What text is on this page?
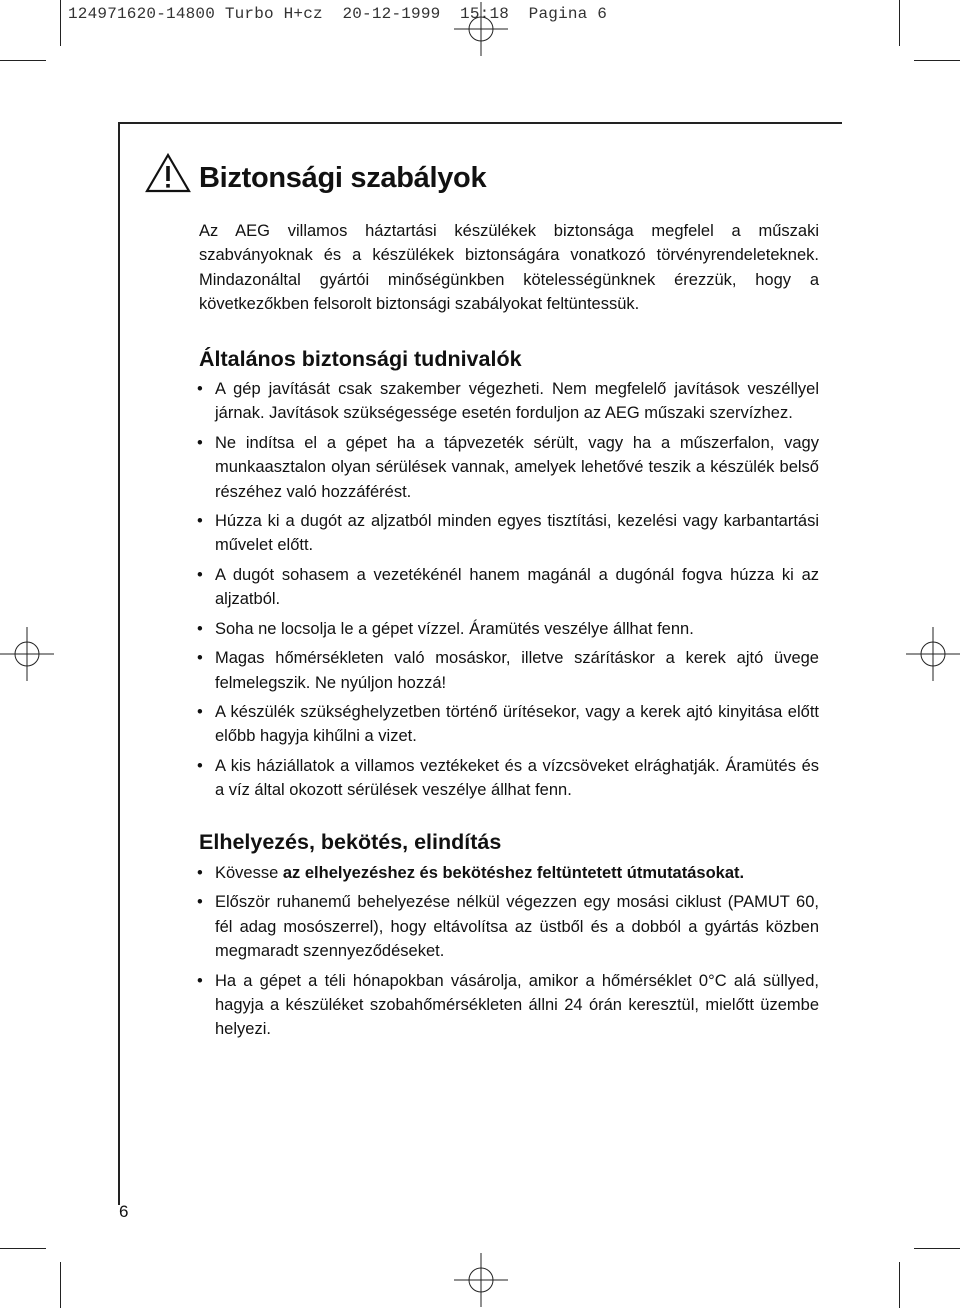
124971620-14800 Turbo H+cz  20-12-1999  15:18  Pagina 6
Biztonsági szabályok

Az AEG villamos háztartási készülékek biztonsága megfelel a műszaki szabványoknak és a készülékek biztonságára vonatkozó törvényrendeleteknek. Mindazonáltal gyártói minőségünkben kötelességünknek érezzük, hogy a következőkben felsorolt biztonsági szabályokat feltüntessük.

Általános biztonsági tudnivalók
• A gép javítását csak szakember végezheti. Nem megfelelő javítások veszéllyel járnak. Javítások szükségessége esetén forduljon az AEG műszaki szervízhez.
• Ne indítsa el a gépet ha a tápvezeték sérült, vagy ha a műszerfalon, vagy munkaasztalon olyan sérülések vannak, amelyek lehetővé teszik a készülék belső részéhez való hozzáférést.
• Húzza ki a dugót az aljzatból minden egyes tisztítási, kezelési vagy karbantartási művelet előtt.
• A dugót sohasem a vezetékénél hanem magánál a dugónál fogva húzza ki az aljzatból.
• Soha ne locsolja le a gépet vízzel. Áramütés veszélye állhat fenn.
• Magas hőmérsékleten való mosáskor, illetve szárításkor a kerek ajtó üvege felmelegszik. Ne nyúljon hozzá!
• A készülék szükséghelyzetben történő ürítésekor, vagy a kerek ajtó kinyitása előtt előbb hagyja kihűlni a vizet.
• A kis háziállatok a villamos veztékeket és a vízcsöveket elrághatják. Áramütés és a víz által okozott sérülések veszélye állhat fenn.
Elhelyezés, bekötés, elindítás
• Kövesse az elhelyezéshez és bekötéshez feltüntetett útmutatásokat.
• Először ruhanemű behelyezése nélkül végezzen egy mosási ciklust (PAMUT 60, fél adag mosószerrel), hogy eltávolítsa az üstből és a dobból a gyártás közben megmaradt szennyeződéseket.
• Ha a gépet a téli hónapokban vásárolja, amikor a hőmérséklet 0°C alá süllyed, hagyja a készüléket szobahőmérsékleten állni 24 órán keresztül, mielőtt üzembe helyezi.
6
